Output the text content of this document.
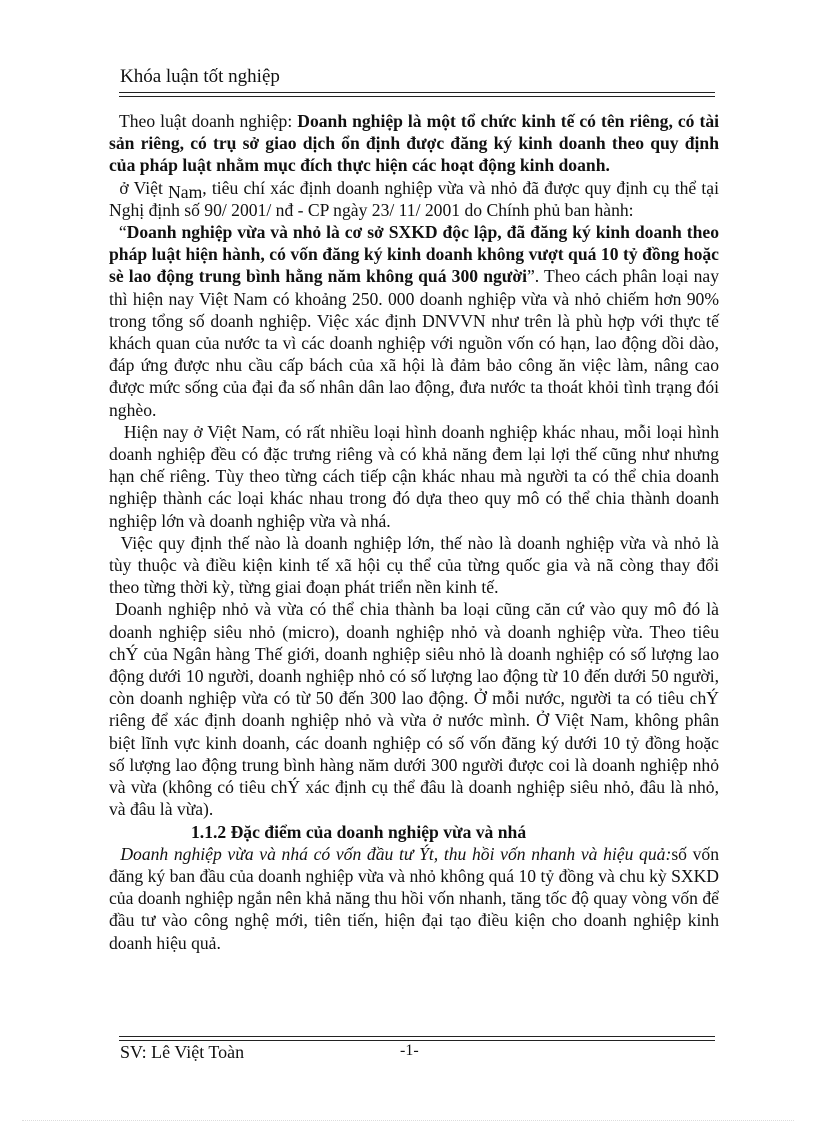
Khóa luận tốt nghiệp

Theo luật doanh nghiệp: Doanh nghiệp là một tổ chức kinh tế có tên riêng, có tài sản riêng, có trụ sở giao dịch ổn định được đăng ký kinh doanh theo quy định của pháp luật nhằm mục đích thực hiện các hoạt động kinh doanh.

ở Việt Nam, tiêu chí xác định doanh nghiệp vừa và nhỏ đã được quy định cụ thể tại Nghị định số 90/ 2001/ nđ - CP ngày 23/ 11/ 2001 do Chính phủ ban hành:

“Doanh nghiệp vừa và nhỏ là cơ sở SXKD độc lập, đã đăng ký kinh doanh theo pháp luật hiện hành, có vốn đăng ký kinh doanh không vượt quá 10 tỷ đồng hoặc sè lao động trung bình hằng năm không quá 300 người”. Theo cách phân loại nay thì hiện nay Việt Nam có khoảng 250. 000 doanh nghiệp vừa và nhỏ chiếm hơn 90% trong tổng số doanh nghiệp. Việc xác định DNVVN như trên là phù hợp với thực tế khách quan của nước ta vì các doanh nghiệp với nguồn vốn có hạn, lao động dồi dào, đáp ứng được nhu cầu cấp bách của xã hội là đảm bảo công ăn việc làm, nâng cao được mức sống của đại đa số nhân dân lao động, đưa nước ta thoát khỏi tình trạng đói nghèo.

Hiện nay ở Việt Nam, có rất nhiều loại hình doanh nghiệp khác nhau, mỗi loại hình doanh nghiệp đều có đặc trưng riêng và có khả năng đem lại lợi thế cũng như nhưng hạn chế riêng. Tùy theo từng cách tiếp cận khác nhau mà người ta có thể chia doanh nghiệp thành các loại khác nhau trong đó dựa theo quy mô có thể chia thành doanh nghiệp lớn và doanh nghiệp vừa và nhá.

Việc quy định thế nào là doanh nghiệp lớn, thế nào là doanh nghiệp vừa và nhỏ là tùy thuộc và điều kiện kinh tế xã hội cụ thể của từng quốc gia và nã còng thay đổi theo từng thời kỳ, từng giai đoạn phát triển nền kinh tế.

Doanh nghiệp nhỏ và vừa có thể chia thành ba loại cũng căn cứ vào quy mô đó là doanh nghiệp siêu nhỏ (micro), doanh nghiệp nhỏ và doanh nghiệp vừa. Theo tiêu chÝ của Ngân hàng Thế giới, doanh nghiệp siêu nhỏ là doanh nghiệp có số lượng lao động dưới 10 người, doanh nghiệp nhỏ có số lượng lao động từ 10 đến dưới 50 người, còn doanh nghiệp vừa có từ 50 đến 300 lao động. Ở mỗi nước, người ta có tiêu chÝ riêng để xác định doanh nghiệp nhỏ và vừa ở nước mình. Ở Việt Nam, không phân biệt lĩnh vực kinh doanh, các doanh nghiệp có số vốn đăng ký dưới 10 tỷ đồng hoặc số lượng lao động trung bình hàng năm dưới 300 người được coi là doanh nghiệp nhỏ và vừa (không có tiêu chÝ xác định cụ thể đâu là doanh nghiệp siêu nhỏ, đâu là nhỏ, và đâu là vừa).

1.1.2 Đặc điểm của doanh nghiệp vừa và nhá

Doanh nghiệp vừa và nhá có vốn đầu tư Ýt, thu hồi vốn nhanh và hiệu quả:số vốn đăng ký ban đầu của doanh nghiệp vừa và nhỏ không quá 10 tỷ đồng và chu kỳ SXKD của doanh nghiệp ngắn nên khả năng thu hồi vốn nhanh, tăng tốc độ quay vòng vốn để đầu tư vào công nghệ mới, tiên tiến, hiện đại tạo điều kiện cho doanh nghiệp kinh doanh hiệu quả.

SV: Lê Việt Toàn	-1-
